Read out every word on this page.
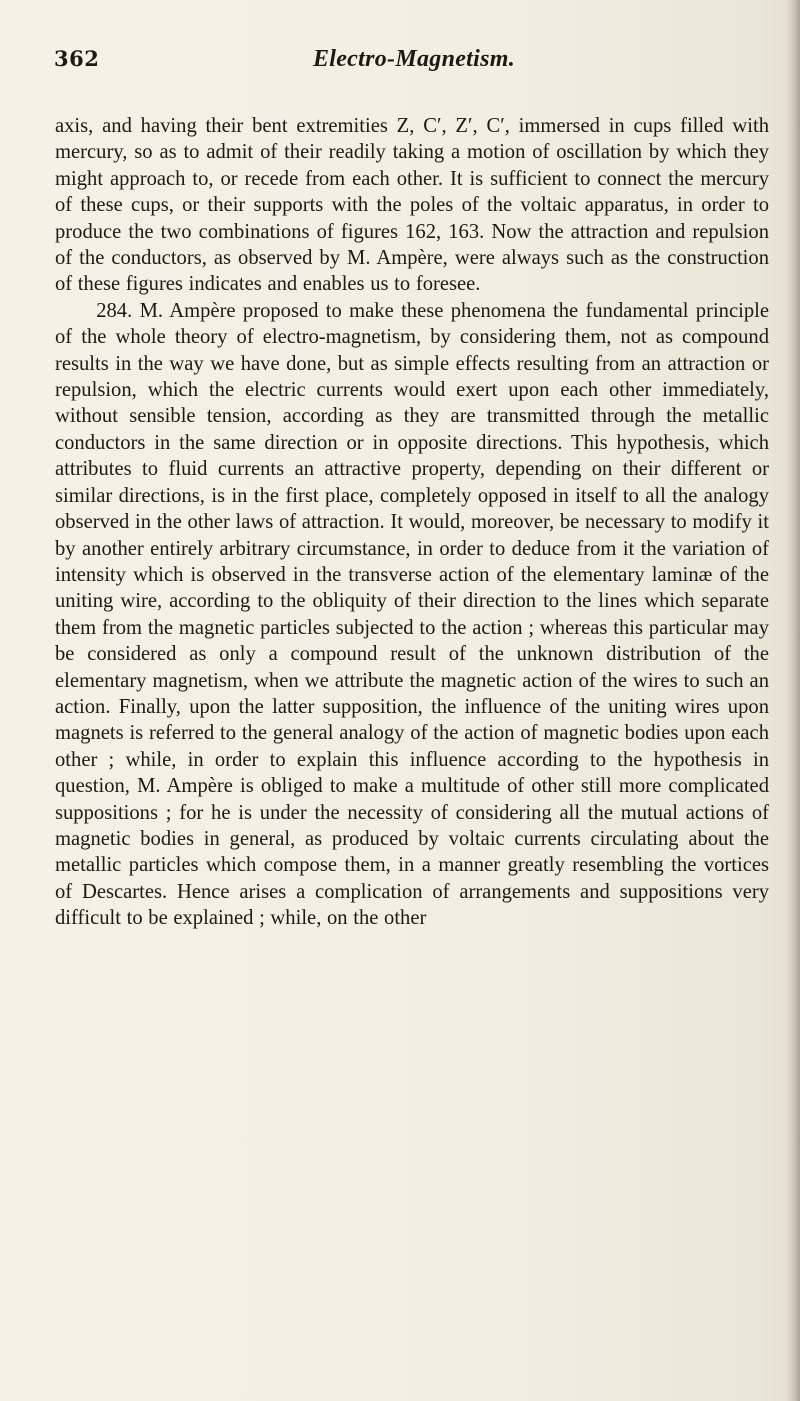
362	Electro-Magnetism.

axis, and having their bent extremities Z, C′, Z′, C′, immersed in cups filled with mercury, so as to admit of their readily taking a motion of oscillation by which they might approach to, or recede from each other. It is sufficient to connect the mercury of these cups, or their supports with the poles of the voltaic apparatus, in order to produce the two combinations of figures 162, 163. Now the attraction and repulsion of the conductors, as observed by M. Ampère, were always such as the construction of these figures indicates and enables us to foresee.

284. M. Ampère proposed to make these phenomena the fundamental principle of the whole theory of electro-magnetism, by considering them, not as compound results in the way we have done, but as simple effects resulting from an attraction or repulsion, which the electric currents would exert upon each other immediately, without sensible tension, according as they are transmitted through the metallic conductors in the same direction or in opposite directions. This hypothesis, which attributes to fluid currents an attractive property, depending on their different or similar directions, is in the first place, completely opposed in itself to all the analogy observed in the other laws of attraction. It would, moreover, be necessary to modify it by another entirely arbitrary circumstance, in order to deduce from it the variation of intensity which is observed in the transverse action of the elementary laminæ of the uniting wire, according to the obliquity of their direction to the lines which separate them from the magnetic particles subjected to the action ; whereas this particular may be considered as only a compound result of the unknown distribution of the elementary magnetism, when we attribute the magnetic action of the wires to such an action. Finally, upon the latter supposition, the influence of the uniting wires upon magnets is referred to the general analogy of the action of magnetic bodies upon each other ; while, in order to explain this influence according to the hypothesis in question, M. Ampère is obliged to make a multitude of other still more complicated suppositions ; for he is under the necessity of considering all the mutual actions of magnetic bodies in general, as produced by voltaic currents circulating about the metallic particles which compose them, in a manner greatly resembling the vortices of Descartes. Hence arises a complication of arrangements and suppositions very difficult to be explained ; while, on the other
